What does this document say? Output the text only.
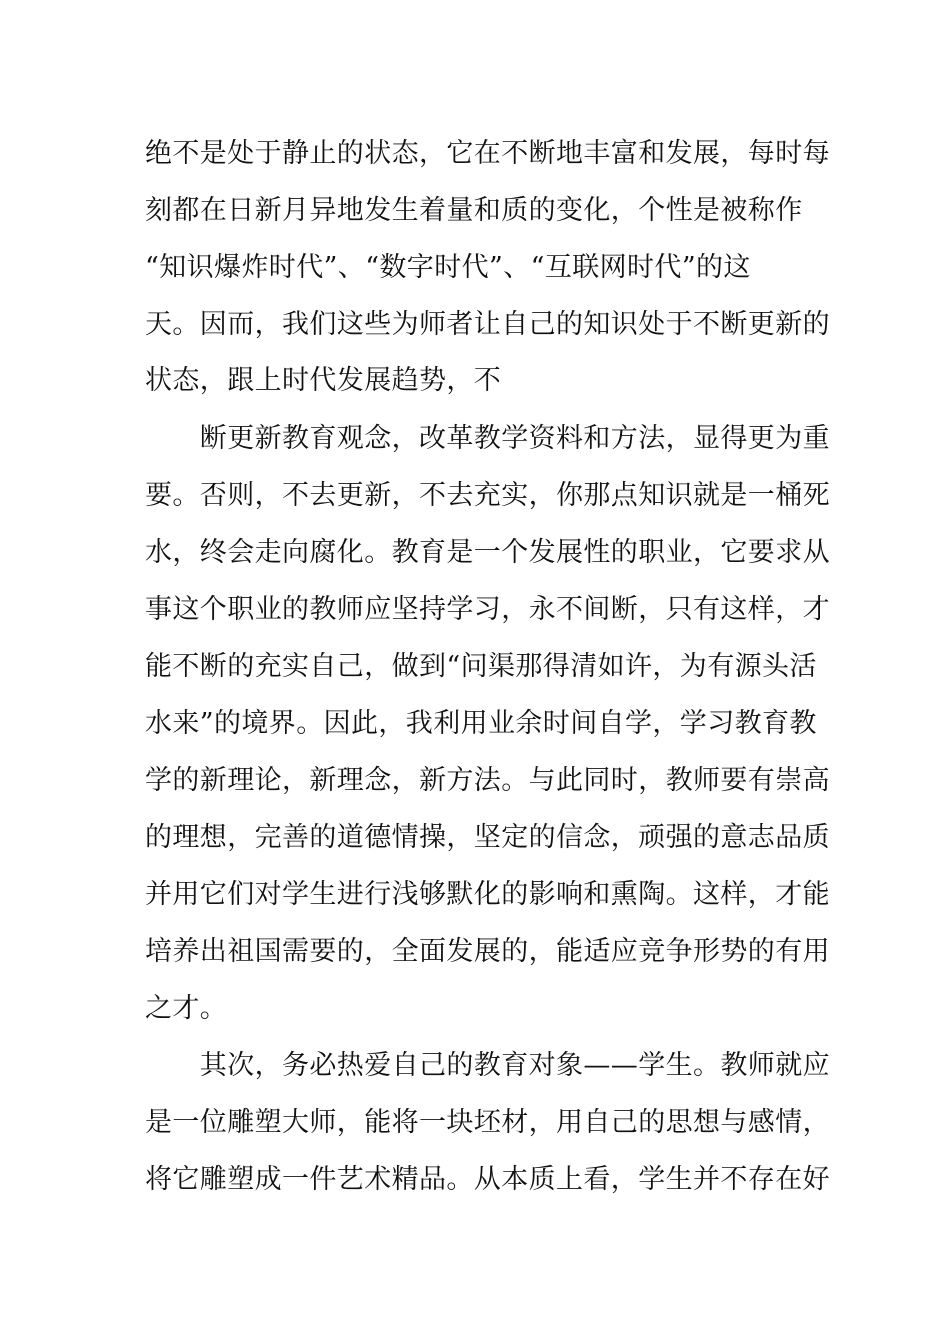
绝不是处于静止的状态，它在不断地丰富和发展，每时每
刻都在日新月异地发生着量和质的变化，个性是被称作
“知识爆炸时代”、“数字时代”、“互联网时代”的这
天。因而，我们这些为师者让自己的知识处于不断更新的
状态，跟上时代发展趋势，不
　　断更新教育观念，改革教学资料和方法，显得更为重
要。否则，不去更新，不去充实，你那点知识就是一桶死
水，终会走向腐化。教育是一个发展性的职业，它要求从
事这个职业的教师应坚持学习，永不间断，只有这样，才
能不断的充实自己，做到“问渠那得清如许，为有源头活
水来”的境界。因此，我利用业余时间自学，学习教育教
学的新理论，新理念，新方法。与此同时，教师要有崇高
的理想，完善的道德情操，坚定的信念，顽强的意志品质
并用它们对学生进行浅够默化的影响和熏陶。这样，才能
培养出祖国需要的，全面发展的，能适应竞争形势的有用
之才。
　　其次，务必热爱自己的教育对象——学生。教师就应
是一位雕塑大师，能将一块坯材，用自己的思想与感情，
将它雕塑成一件艺术精品。从本质上看，学生并不存在好
